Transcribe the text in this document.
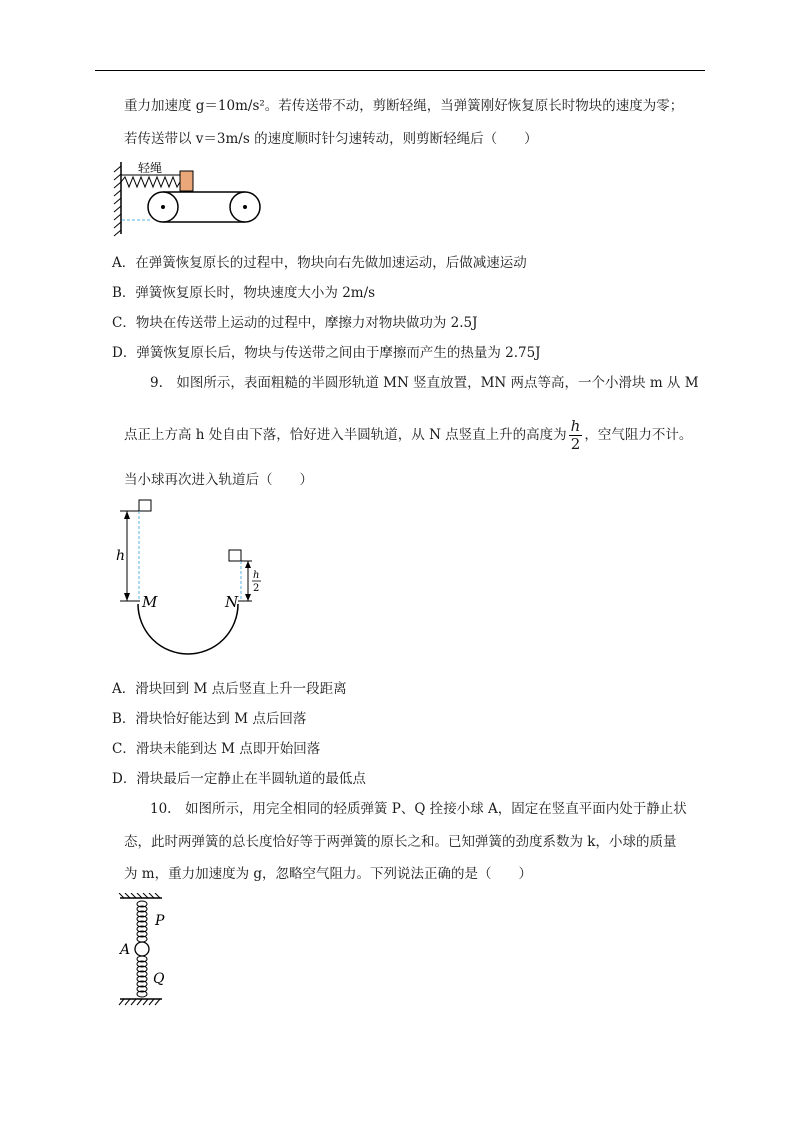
重力加速度 g＝10m/s²。若传送带不动，剪断轻绳，当弹簧刚好恢复原长时物块的速度为零；
若传送带以 v＝3m/s 的速度顺时针匀速转动，则剪断轻绳后（　　）
轻绳
A．在弹簧恢复原长的过程中，物块向右先做加速运动，后做减速运动
B．弹簧恢复原长时，物块速度大小为 2m/s
C．物块在传送带上运动的过程中，摩擦力对物块做功为 2.5J
D．弹簧恢复原长后，物块与传送带之间由于摩擦而产生的热量为 2.75J
9.　如图所示，表面粗糙的半圆形轨道 MN 竖直放置，MN 两点等高，一个小滑块 m 从 M
点正上方高 h 处自由下落，恰好进入半圆轨道，从 N 点竖直上升的高度为 $\frac{h}{2}$ ，空气阻力不计。
当小球再次进入轨道后（　　）
h
M	N
h
2
A．滑块回到 M 点后竖直上升一段距离
B．滑块恰好能达到 M 点后回落
C．滑块未能到达 M 点即开始回落
D．滑块最后一定静止在半圆轨道的最低点
10.　如图所示，用完全相同的轻质弹簧 P、Q 拴接小球 A，固定在竖直平面内处于静止状
态，此时两弹簧的总长度恰好等于两弹簧的原长之和。已知弹簧的劲度系数为 k，小球的质量
为 m，重力加速度为 g，忽略空气阻力。下列说法正确的是（　　）
P
A
Q
